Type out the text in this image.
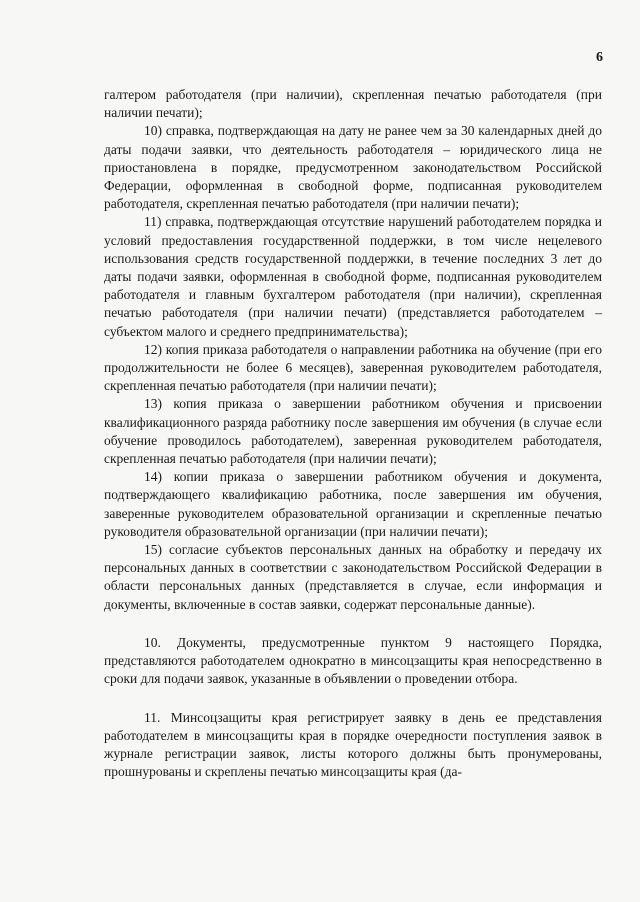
6

галтером работодателя (при наличии), скрепленная печатью работодателя (при наличии печати);

10) справка, подтверждающая на дату не ранее чем за 30 календарных дней до даты подачи заявки, что деятельность работодателя – юридического лица не приостановлена в порядке, предусмотренном законодательством Российской Федерации, оформленная в свободной форме, подписанная руководителем работодателя, скрепленная печатью работодателя (при наличии печати);

11) справка, подтверждающая отсутствие нарушений работодателем порядка и условий предоставления государственной поддержки, в том числе нецелевого использования средств государственной поддержки, в течение последних 3 лет до даты подачи заявки, оформленная в свободной форме, подписанная руководителем работодателя и главным бухгалтером работодателя (при наличии), скрепленная печатью работодателя (при наличии печати) (представляется работодателем – субъектом малого и среднего предпринимательства);

12) копия приказа работодателя о направлении работника на обучение (при его продолжительности не более 6 месяцев), заверенная руководителем работодателя, скрепленная печатью работодателя (при наличии печати);

13) копия приказа о завершении работником обучения и присвоении квалификационного разряда работнику после завершения им обучения (в случае если обучение проводилось работодателем), заверенная руководителем работодателя, скрепленная печатью работодателя (при наличии печати);

14) копии приказа о завершении работником обучения и документа, подтверждающего квалификацию работника, после завершения им обучения, заверенные руководителем образовательной организации и скрепленные печатью руководителя образовательной организации (при наличии печати);

15) согласие субъектов персональных данных на обработку и передачу их персональных данных в соответствии с законодательством Российской Федерации в области персональных данных (представляется в случае, если информация и документы, включенные в состав заявки, содержат персональные данные).

10. Документы, предусмотренные пунктом 9 настоящего Порядка, представляются работодателем однократно в минсоцзащиты края непосредственно в сроки для подачи заявок, указанные в объявлении о проведении отбора.

11. Минсоцзащиты края регистрирует заявку в день ее представления работодателем в минсоцзащиты края в порядке очередности поступления заявок в журнале регистрации заявок, листы которого должны быть пронумерованы, прошнурованы и скреплены печатью минсоцзащиты края (да-
